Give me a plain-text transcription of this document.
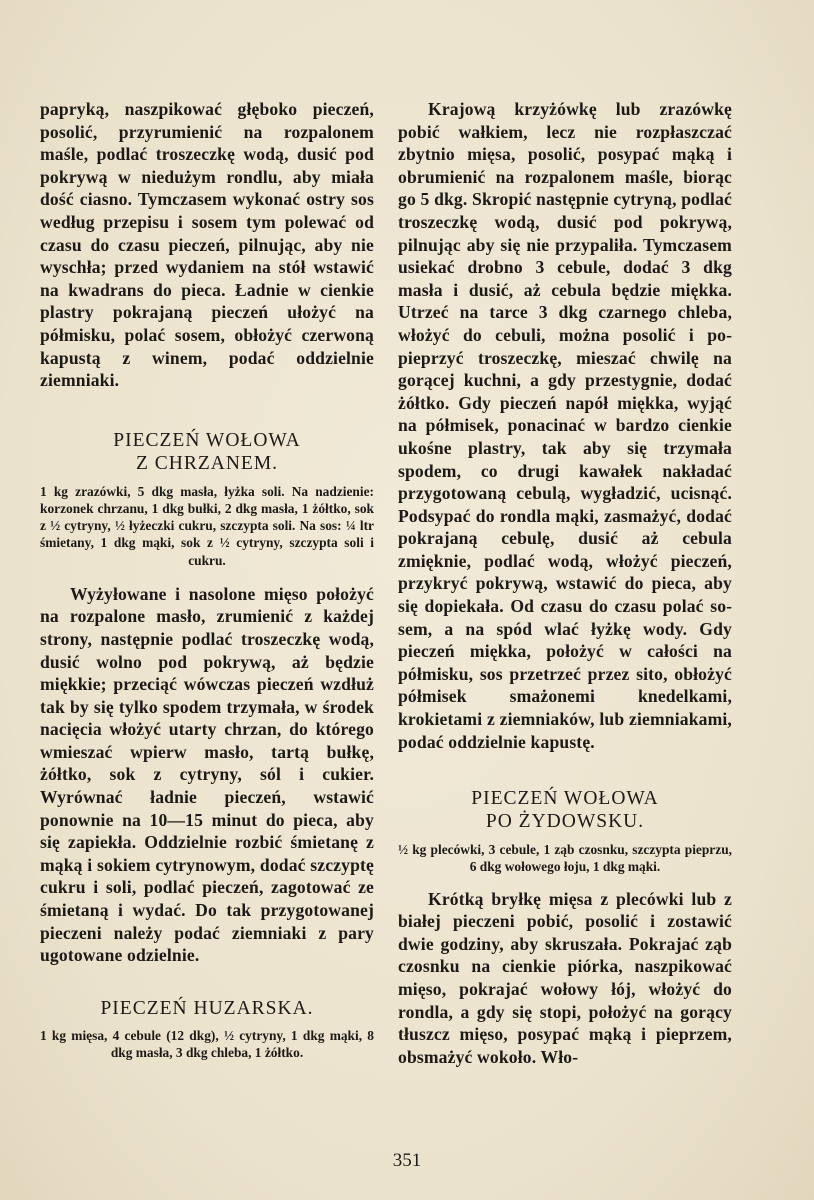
papryką, naszpikować głęboko pieczeń, posolić, przyrumienić na rozpalonem maśle, podlać troszeczkę wodą, dusić pod pokrywą w niedużym rondlu, aby miała dość ciasno. Tymczasem wykonać ostry sos według przepisu i sosem tym polewać od czasu do czasu pieczeń, pilnując, aby nie wyschła; przed wydaniem na stół wstawić na kwadrans do pieca. Ładnie w cienkie plastry pokrajaną pieczeń ułożyć na półmisku, polać sosem, obłożyć czerwoną kapustą z winem, podać oddzielnie ziemniaki.

PIECZEŃ WOŁOWA
Z CHRZANEM.

1 kg zrazówki, 5 dkg masła, łyżka soli. Na nadzienie: korzonek chrzanu, 1 dkg bułki, 2 dkg masła, 1 żółtko, sok z ½ cytryny, ½ łyżeczki cukru, szczypta soli. Na sos: ¼ ltr śmietany, 1 dkg mąki, sok z ½ cytryny, szczypta soli i cukru.

Wyżyłowane i nasolone mięso położyć na rozpalone masło, zrumienić z każdej strony, następnie podlać troszeczkę wodą, dusić wolno pod pokrywą, aż będzie miękkie; przeciąć wówczas pieczeń wzdłuż tak by się tylko spodem trzymała, w środek nacięcia włożyć utarty chrzan, do którego wmieszać wpierw masło, tartą bułkę, żółtko, sok z cytryny, sól i cukier. Wyrównać ładnie pieczeń, wstawić ponownie na 10—15 minut do pieca, aby się zapiekła. Oddzielnie rozbić śmietanę z mąką i sokiem cytrynowym, dodać szczyptę cukru i soli, podlać pieczeń, zagotować ze śmietaną i wydać. Do tak przygotowanej pieczeni należy podać ziemniaki z pary ugotowane odzielnie.

PIECZEŃ HUZARSKA.

1 kg mięsa, 4 cebule (12 dkg), ½ cytryny, 1 dkg mąki, 8 dkg masła, 3 dkg chleba, 1 żółtko.

Krajową krzyżówkę lub zrazówkę pobić wałkiem, lecz nie rozpłaszczać zbytnio mięsa, posolić, posypać mąką i obrumienić na rozpalonem maśle, biorąc go 5 dkg. Skropić następnie cytryną, podlać troszeczkę wodą, dusić pod pokrywą, pilnując aby się nie przypaliła. Tymczasem usiekać drobno 3 cebule, dodać 3 dkg masła i dusić, aż cebula będzie miękka. Utrzeć na tarce 3 dkg czarnego chleba, włożyć do cebuli, można posolić i popieprzyć troszeczkę, mieszać chwilę na gorącej kuchni, a gdy przestygnie, dodać żółtko. Gdy pieczeń napół miękka, wyjąć na półmisek, ponacinać w bardzo cienkie ukośne plastry, tak aby się trzymała spodem, co drugi kawałek nakładać przygotowaną cebulą, wygładzić, ucisnąć. Podsypać do rondla mąki, zasmażyć, dodać pokrajaną cebulę, dusić aż cebula zmięknie, podlać wodą, włożyć pieczeń, przykryć pokrywą, wstawić do pieca, aby się dopiekała. Od czasu do czasu polać sosem, a na spód wlać łyżkę wody. Gdy pieczeń miękka, położyć w całości na półmisku, sos przetrzeć przez sito, obłożyć półmisek smażonemi knedelkami, krokietami z ziemniaków, lub ziemniakami, podać oddzielnie kapustę.

PIECZEŃ WOŁOWA
PO ŻYDOWSKU.

½ kg plecówki, 3 cebule, 1 ząb czosnku, szczypta pieprzu, 6 dkg wołowego łoju, 1 dkg mąki.

Krótką bryłkę mięsa z plecówki lub z białej pieczeni pobić, posolić i zostawić dwie godziny, aby skruszała. Pokrajać ząb czosnku na cienkie piórka, naszpikować mięso, pokrajać wołowy łój, włożyć do rondla, a gdy się stopi, położyć na gorący tłuszcz mięso, posypać mąką i pieprzem, obsmażyć wokoło. Wło-

351
